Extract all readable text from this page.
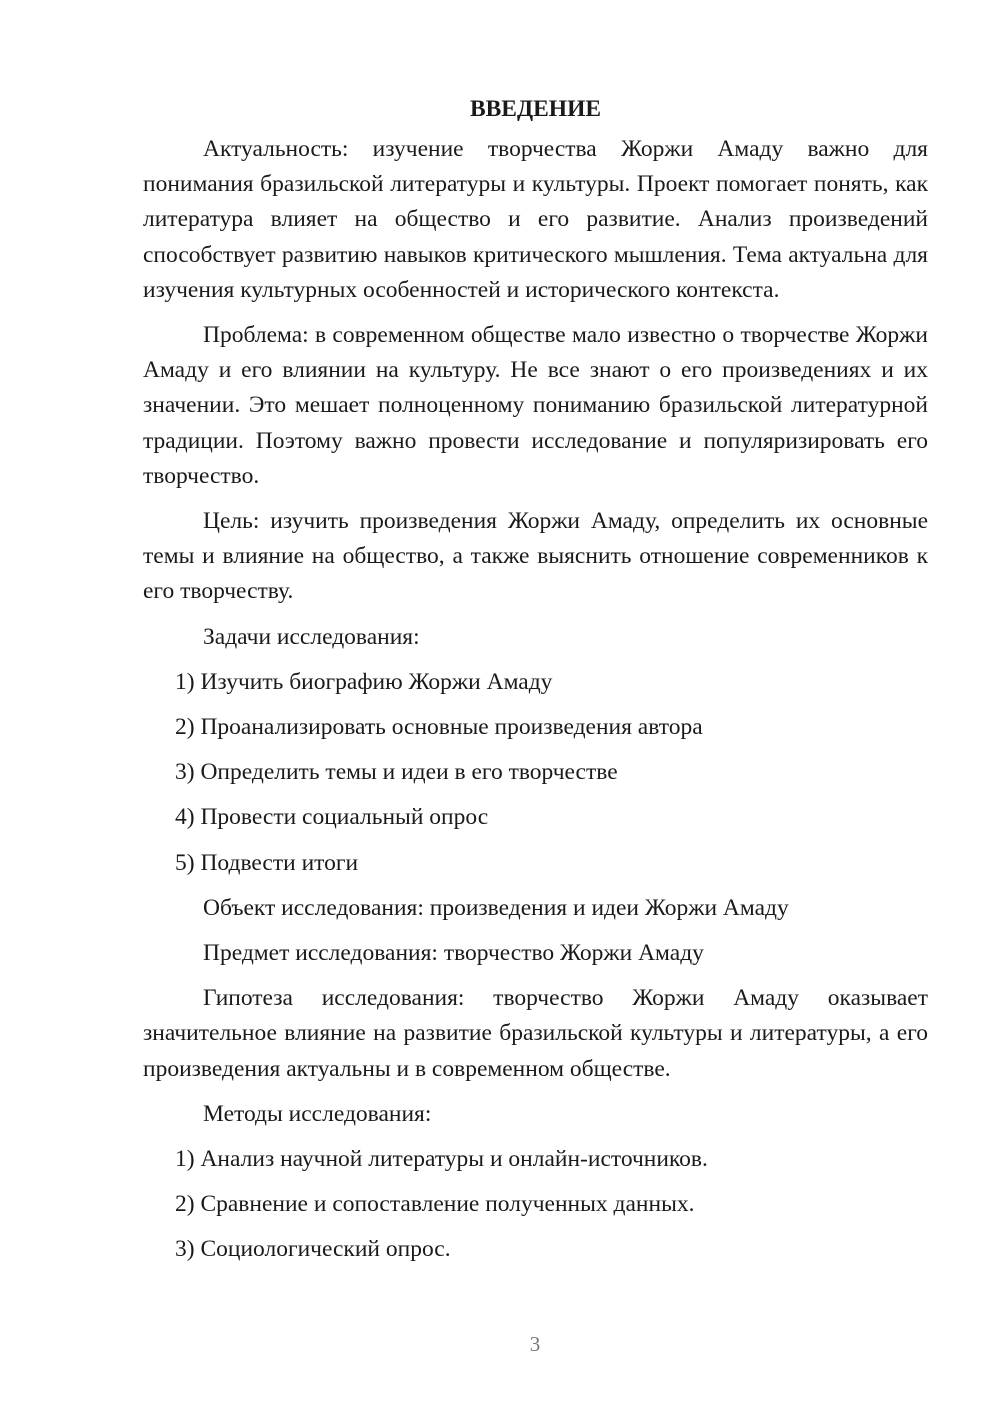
ВВЕДЕНИЕ

Актуальность: изучение творчества Жоржи Амаду важно для понимания бразильской литературы и культуры. Проект помогает понять, как литература влияет на общество и его развитие. Анализ произведений способствует развитию навыков критического мышления. Тема актуальна для изучения культурных особенностей и исторического контекста.

Проблема: в современном обществе мало известно о творчестве Жоржи Амаду и его влиянии на культуру. Не все знают о его произведениях и их значении. Это мешает полноценному пониманию бразильской литературной традиции. Поэтому важно провести исследование и популяризировать его творчество.

Цель: изучить произведения Жоржи Амаду, определить их основные темы и влияние на общество, а также выяснить отношение современников к его творчеству.

Задачи исследования:
1) Изучить биографию Жоржи Амаду
2) Проанализировать основные произведения автора
3) Определить темы и идеи в его творчестве
4) Провести социальный опрос
5) Подвести итоги
Объект исследования: произведения и идеи Жоржи Амаду
Предмет исследования: творчество Жоржи Амаду

Гипотеза исследования: творчество Жоржи Амаду оказывает значительное влияние на развитие бразильской культуры и литературы, а его произведения актуальны и в современном обществе.

Методы исследования:
1) Анализ научной литературы и онлайн-источников.
2) Сравнение и сопоставление полученных данных.
3) Социологический опрос.
3
